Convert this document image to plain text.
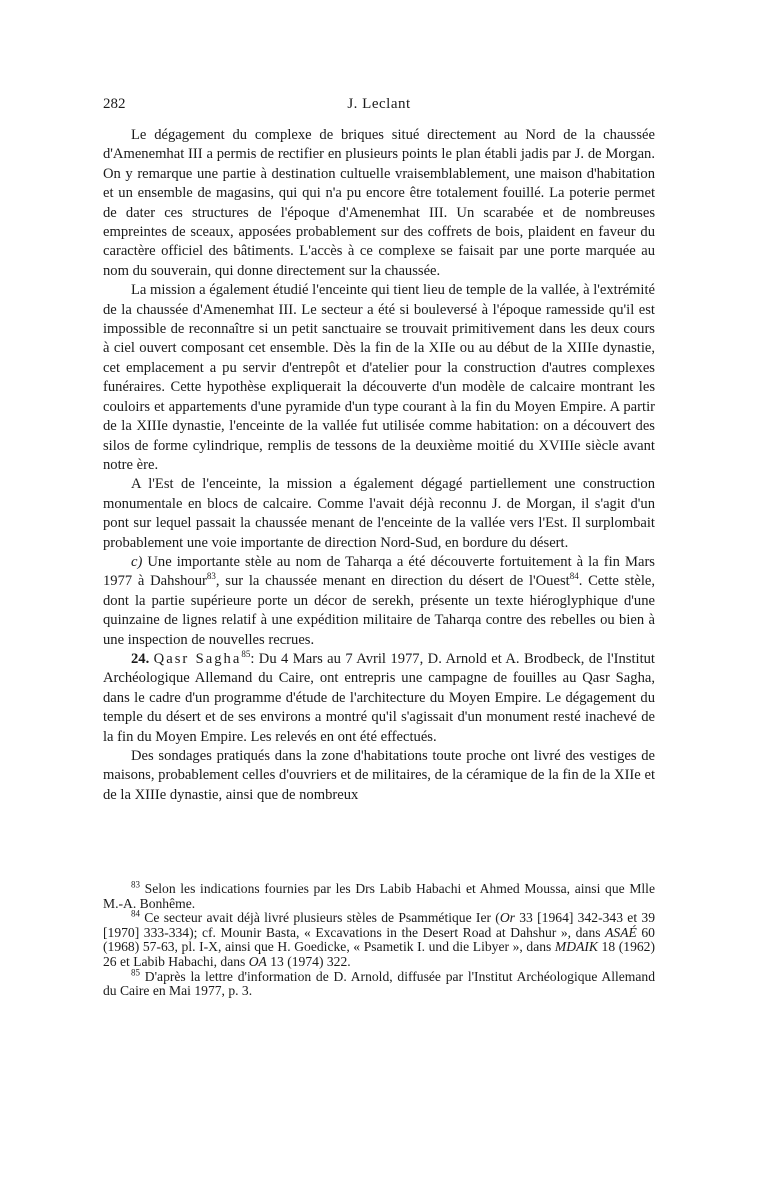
282	J. Leclant

Le dégagement du complexe de briques situé directement au Nord de la chaussée d'Amenemhat III a permis de rectifier en plusieurs points le plan établi jadis par J. de Morgan. On y remarque une partie à destination cultuelle vraisemblablement, une maison d'habitation et un ensemble de magasins, qui qui n'a pu encore être totalement fouillé. La poterie permet de dater ces structures de l'époque d'Amenemhat III. Un scarabée et de nombreuses empreintes de sceaux, apposées probablement sur des coffrets de bois, plaident en faveur du caractère officiel des bâtiments. L'accès à ce complexe se faisait par une porte marquée au nom du souverain, qui donne directement sur la chaussée.

La mission a également étudié l'enceinte qui tient lieu de temple de la vallée, à l'extrémité de la chaussée d'Amenemhat III. Le secteur a été si bouleversé à l'époque ramesside qu'il est impossible de reconnaître si un petit sanctuaire se trouvait primitivement dans les deux cours à ciel ouvert composant cet ensemble. Dès la fin de la XIIe ou au début de la XIIIe dynastie, cet emplacement a pu servir d'entrepôt et d'atelier pour la construction d'autres complexes funéraires. Cette hypothèse expliquerait la découverte d'un modèle de calcaire montrant les couloirs et appartements d'une pyramide d'un type courant à la fin du Moyen Empire. A partir de la XIIIe dynastie, l'enceinte de la vallée fut utilisée comme habitation: on a découvert des silos de forme cylindrique, remplis de tessons de la deuxième moitié du XVIIIe siècle avant notre ère.

A l'Est de l'enceinte, la mission a également dégagé partiellement une construction monumentale en blocs de calcaire. Comme l'avait déjà reconnu J. de Morgan, il s'agit d'un pont sur lequel passait la chaussée menant de l'enceinte de la vallée vers l'Est. Il surplombait probablement une voie importante de direction Nord-Sud, en bordure du désert.

c) Une importante stèle au nom de Taharqa a été découverte fortuitement à la fin Mars 1977 à Dahshour$^{83}$, sur la chaussée menant en direction du désert de l'Ouest$^{84}$. Cette stèle, dont la partie supérieure porte un décor de serekh, présente un texte hiéroglyphique d'une quinzaine de lignes relatif à une expédition militaire de Taharqa contre des rebelles ou bien à une inspection de nouvelles recrues.

24. Qasr Sagha$^{85}$: Du 4 Mars au 7 Avril 1977, D. Arnold et A. Brodbeck, de l'Institut Archéologique Allemand du Caire, ont entrepris une campagne de fouilles au Qasr Sagha, dans le cadre d'un programme d'étude de l'architecture du Moyen Empire. Le dégagement du temple du désert et de ses environs a montré qu'il s'agissait d'un monument resté inachevé de la fin du Moyen Empire. Les relevés en ont été effectués.

Des sondages pratiqués dans la zone d'habitations toute proche ont livré des vestiges de maisons, probablement celles d'ouvriers et de militaires, de la céramique de la fin de la XIIe et de la XIIIe dynastie, ainsi que de nombreux

$^{83}$ Selon les indications fournies par les Drs Labib Habachi et Ahmed Moussa, ainsi que Mlle M.-A. Bonhême.

$^{84}$ Ce secteur avait déjà livré plusieurs stèles de Psammétique Ier (Or 33 [1964] 342-343 et 39 [1970] 333-334); cf. Mounir Basta, « Excavations in the Desert Road at Dahshur », dans ASAÉ 60 (1968) 57-63, pl. I-X, ainsi que H. Goedicke, « Psametik I. und die Libyer », dans MDAIK 18 (1962) 26 et Labib Habachi, dans OA 13 (1974) 322.

$^{85}$ D'après la lettre d'information de D. Arnold, diffusée par l'Institut Archéologique Allemand du Caire en Mai 1977, p. 3.
